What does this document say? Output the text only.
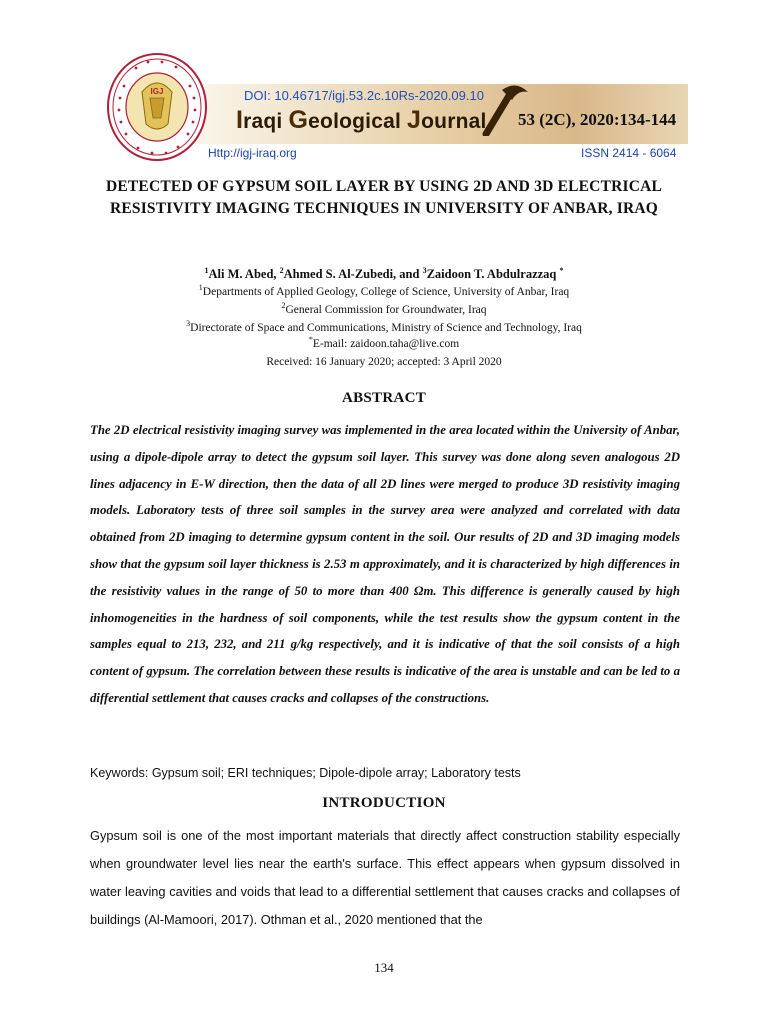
IGJ	DOI: 10.46717/igj.53.2c.10Rs-2020.09.10
Iraqi Geological Journal 53 (2C), 2020:134-144
Http://igj-iraq.org	ISSN 2414 - 6064
DETECTED OF GYPSUM SOIL LAYER BY USING 2D AND 3D ELECTRICAL RESISTIVITY IMAGING TECHNIQUES IN UNIVERSITY OF ANBAR, IRAQ
$^1$Ali M. Abed, $^2$Ahmed S. Al-Zubedi, and $^3$Zaidoon T. Abdulrazzaq *
$^1$Departments of Applied Geology, College of Science, University of Anbar, Iraq
$^2$General Commission for Groundwater, Iraq
$^3$Directorate of Space and Communications, Ministry of Science and Technology, Iraq
*E-mail: zaidoon.taha@live.com
Received: 16 January 2020; accepted: 3 April 2020
ABSTRACT
The 2D electrical resistivity imaging survey was implemented in the area located within the University of Anbar, using a dipole-dipole array to detect the gypsum soil layer. This survey was done along seven analogous 2D lines adjacency in E-W direction, then the data of all 2D lines were merged to produce 3D resistivity imaging models. Laboratory tests of three soil samples in the survey area were analyzed and correlated with data obtained from 2D imaging to determine gypsum content in the soil. Our results of 2D and 3D imaging models show that the gypsum soil layer thickness is 2.53 m approximately, and it is characterized by high differences in the resistivity values in the range of 50 to more than 400 Ωm. This difference is generally caused by high inhomogeneities in the hardness of soil components, while the test results show the gypsum content in the samples equal to 213, 232, and 211 g/kg respectively, and it is indicative of that the soil consists of a high content of gypsum. The correlation between these results is indicative of the area is unstable and can be led to a differential settlement that causes cracks and collapses of the constructions.
Keywords: Gypsum soil; ERI techniques; Dipole-dipole array; Laboratory tests
INTRODUCTION
Gypsum soil is one of the most important materials that directly affect construction stability especially when groundwater level lies near the earth's surface. This effect appears when gypsum dissolved in water leaving cavities and voids that lead to a differential settlement that causes cracks and collapses of buildings (Al-Mamoori, 2017). Othman et al., 2020 mentioned that the
134
